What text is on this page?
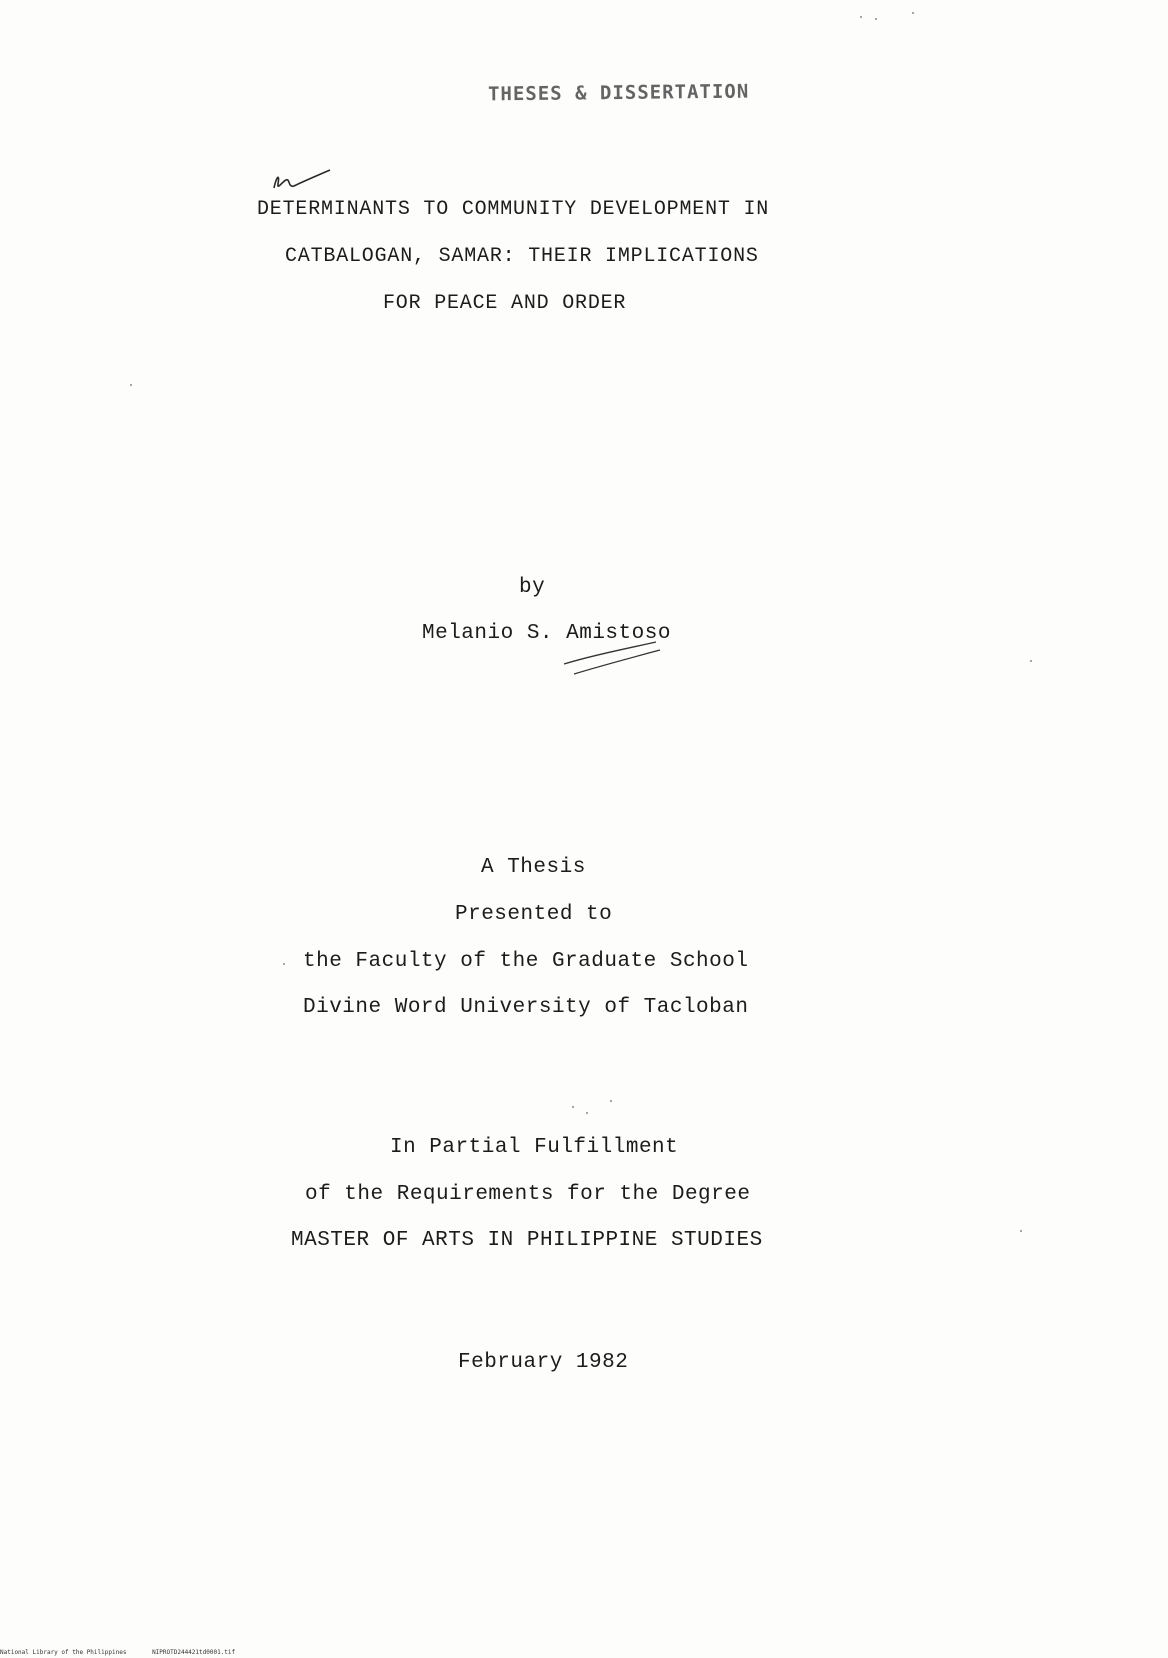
THESES & DISSERTATION
DETERMINANTS TO COMMUNITY DEVELOPMENT IN
CATBALOGAN, SAMAR: THEIR IMPLICATIONS
FOR PEACE AND ORDER
by
Melanio S. Amistoso
A Thesis
Presented to
the Faculty of the Graduate School
Divine Word University of Tacloban
In Partial Fulfillment
of the Requirements for the Degree
MASTER OF ARTS IN PHILIPPINE STUDIES
February 1982
National Library of the Philippines	NIPROTD244421td0001.tif
